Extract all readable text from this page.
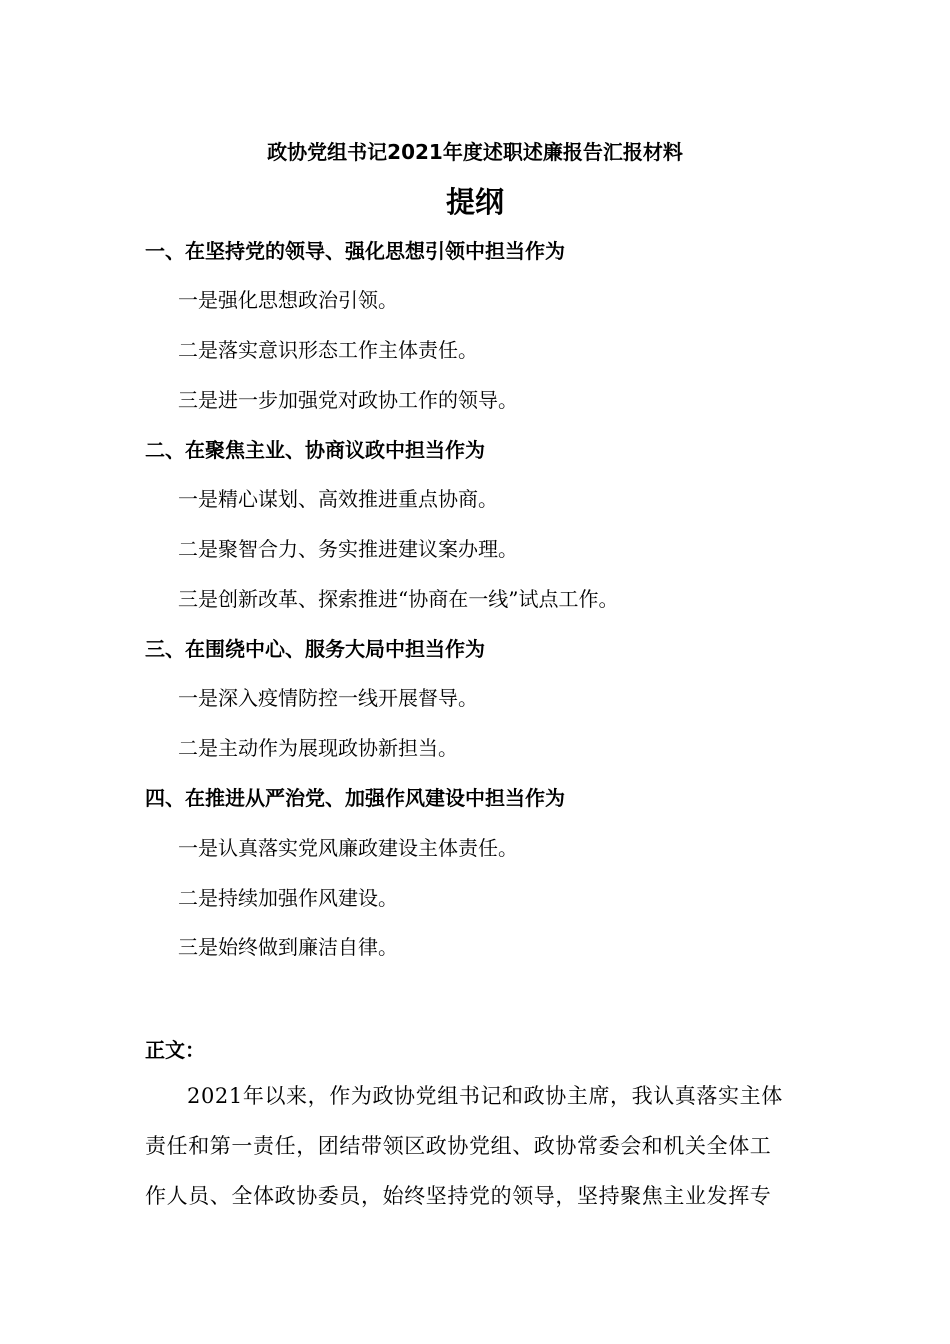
政协党组书记2021年度述职述廉报告汇报材料
提纲
一、在坚持党的领导、强化思想引领中担当作为
一是强化思想政治引领。
二是落实意识形态工作主体责任。
三是进一步加强党对政协工作的领导。
二、在聚焦主业、协商议政中担当作为
一是精心谋划、高效推进重点协商。
二是聚智合力、务实推进建议案办理。
三是创新改革、探索推进“协商在一线”试点工作。
三、在围绕中心、服务大局中担当作为
一是深入疫情防控一线开展督导。
二是主动作为展现政协新担当。
四、在推进从严治党、加强作风建设中担当作为
一是认真落实党风廉政建设主体责任。
二是持续加强作风建设。
三是始终做到廉洁自律。
正文：
2021年以来，作为政协党组书记和政协主席，我认真落实主体
责任和第一责任，团结带领区政协党组、政协常委会和机关全体工
作人员、全体政协委员，始终坚持党的领导，坚持聚焦主业发挥专
